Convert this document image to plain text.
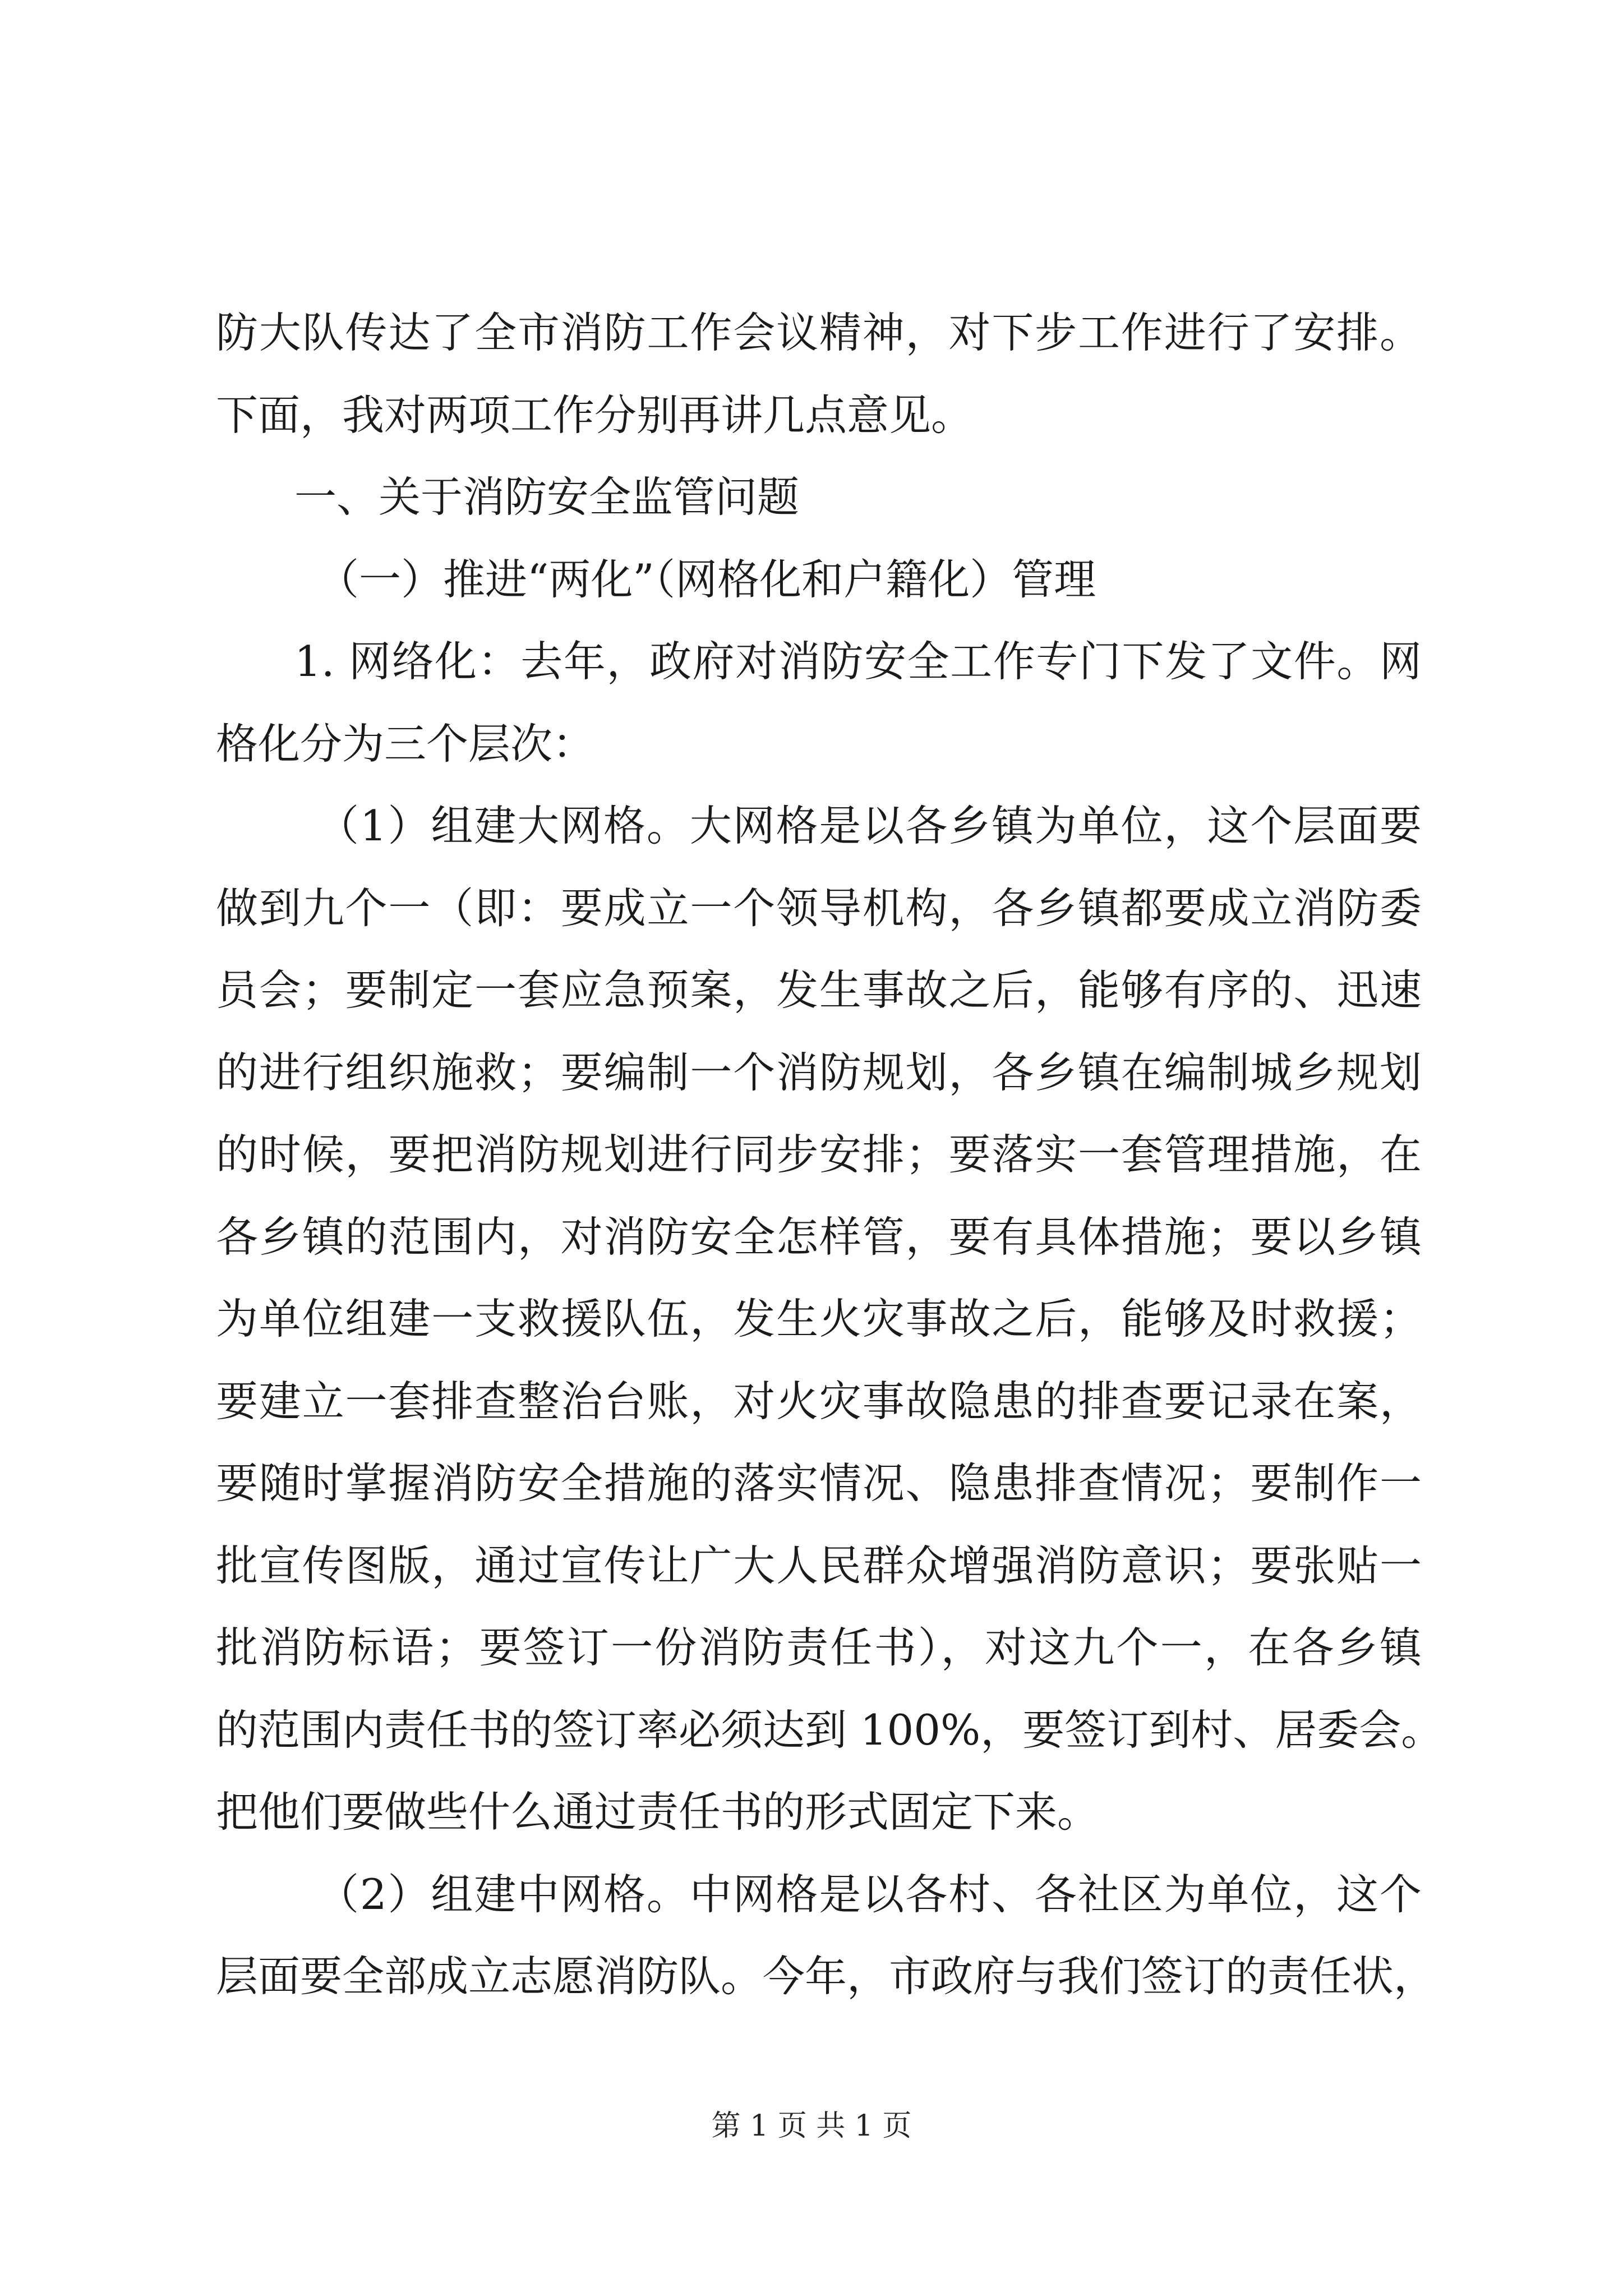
防大队传达了全市消防工作会议精神，对下步工作进行了安排。
下面，我对两项工作分别再讲几点意见。
一、关于消防安全监管问题
（一）推进“两化”（网格化和户籍化）管理
1. 网络化：去年，政府对消防安全工作专门下发了文件。网
格化分为三个层次：
（1）组建大网格。大网格是以各乡镇为单位，这个层面要
做到九个一（即：要成立一个领导机构，各乡镇都要成立消防委
员会；要制定一套应急预案，发生事故之后，能够有序的、迅速
的进行组织施救；要编制一个消防规划，各乡镇在编制城乡规划
的时候，要把消防规划进行同步安排；要落实一套管理措施，在
各乡镇的范围内，对消防安全怎样管，要有具体措施；要以乡镇
为单位组建一支救援队伍，发生火灾事故之后，能够及时救援；
要建立一套排查整治台账，对火灾事故隐患的排查要记录在案，
要随时掌握消防安全措施的落实情况、隐患排查情况；要制作一
批宣传图版，通过宣传让广大人民群众增强消防意识；要张贴一
批消防标语；要签订一份消防责任书），对这九个一，在各乡镇
的范围内责任书的签订率必须达到 100%，要签订到村、居委会。
把他们要做些什么通过责任书的形式固定下来。
（2）组建中网格。中网格是以各村、各社区为单位，这个
层面要全部成立志愿消防队。今年，市政府与我们签订的责任状，
第 1 页 共 1 页
